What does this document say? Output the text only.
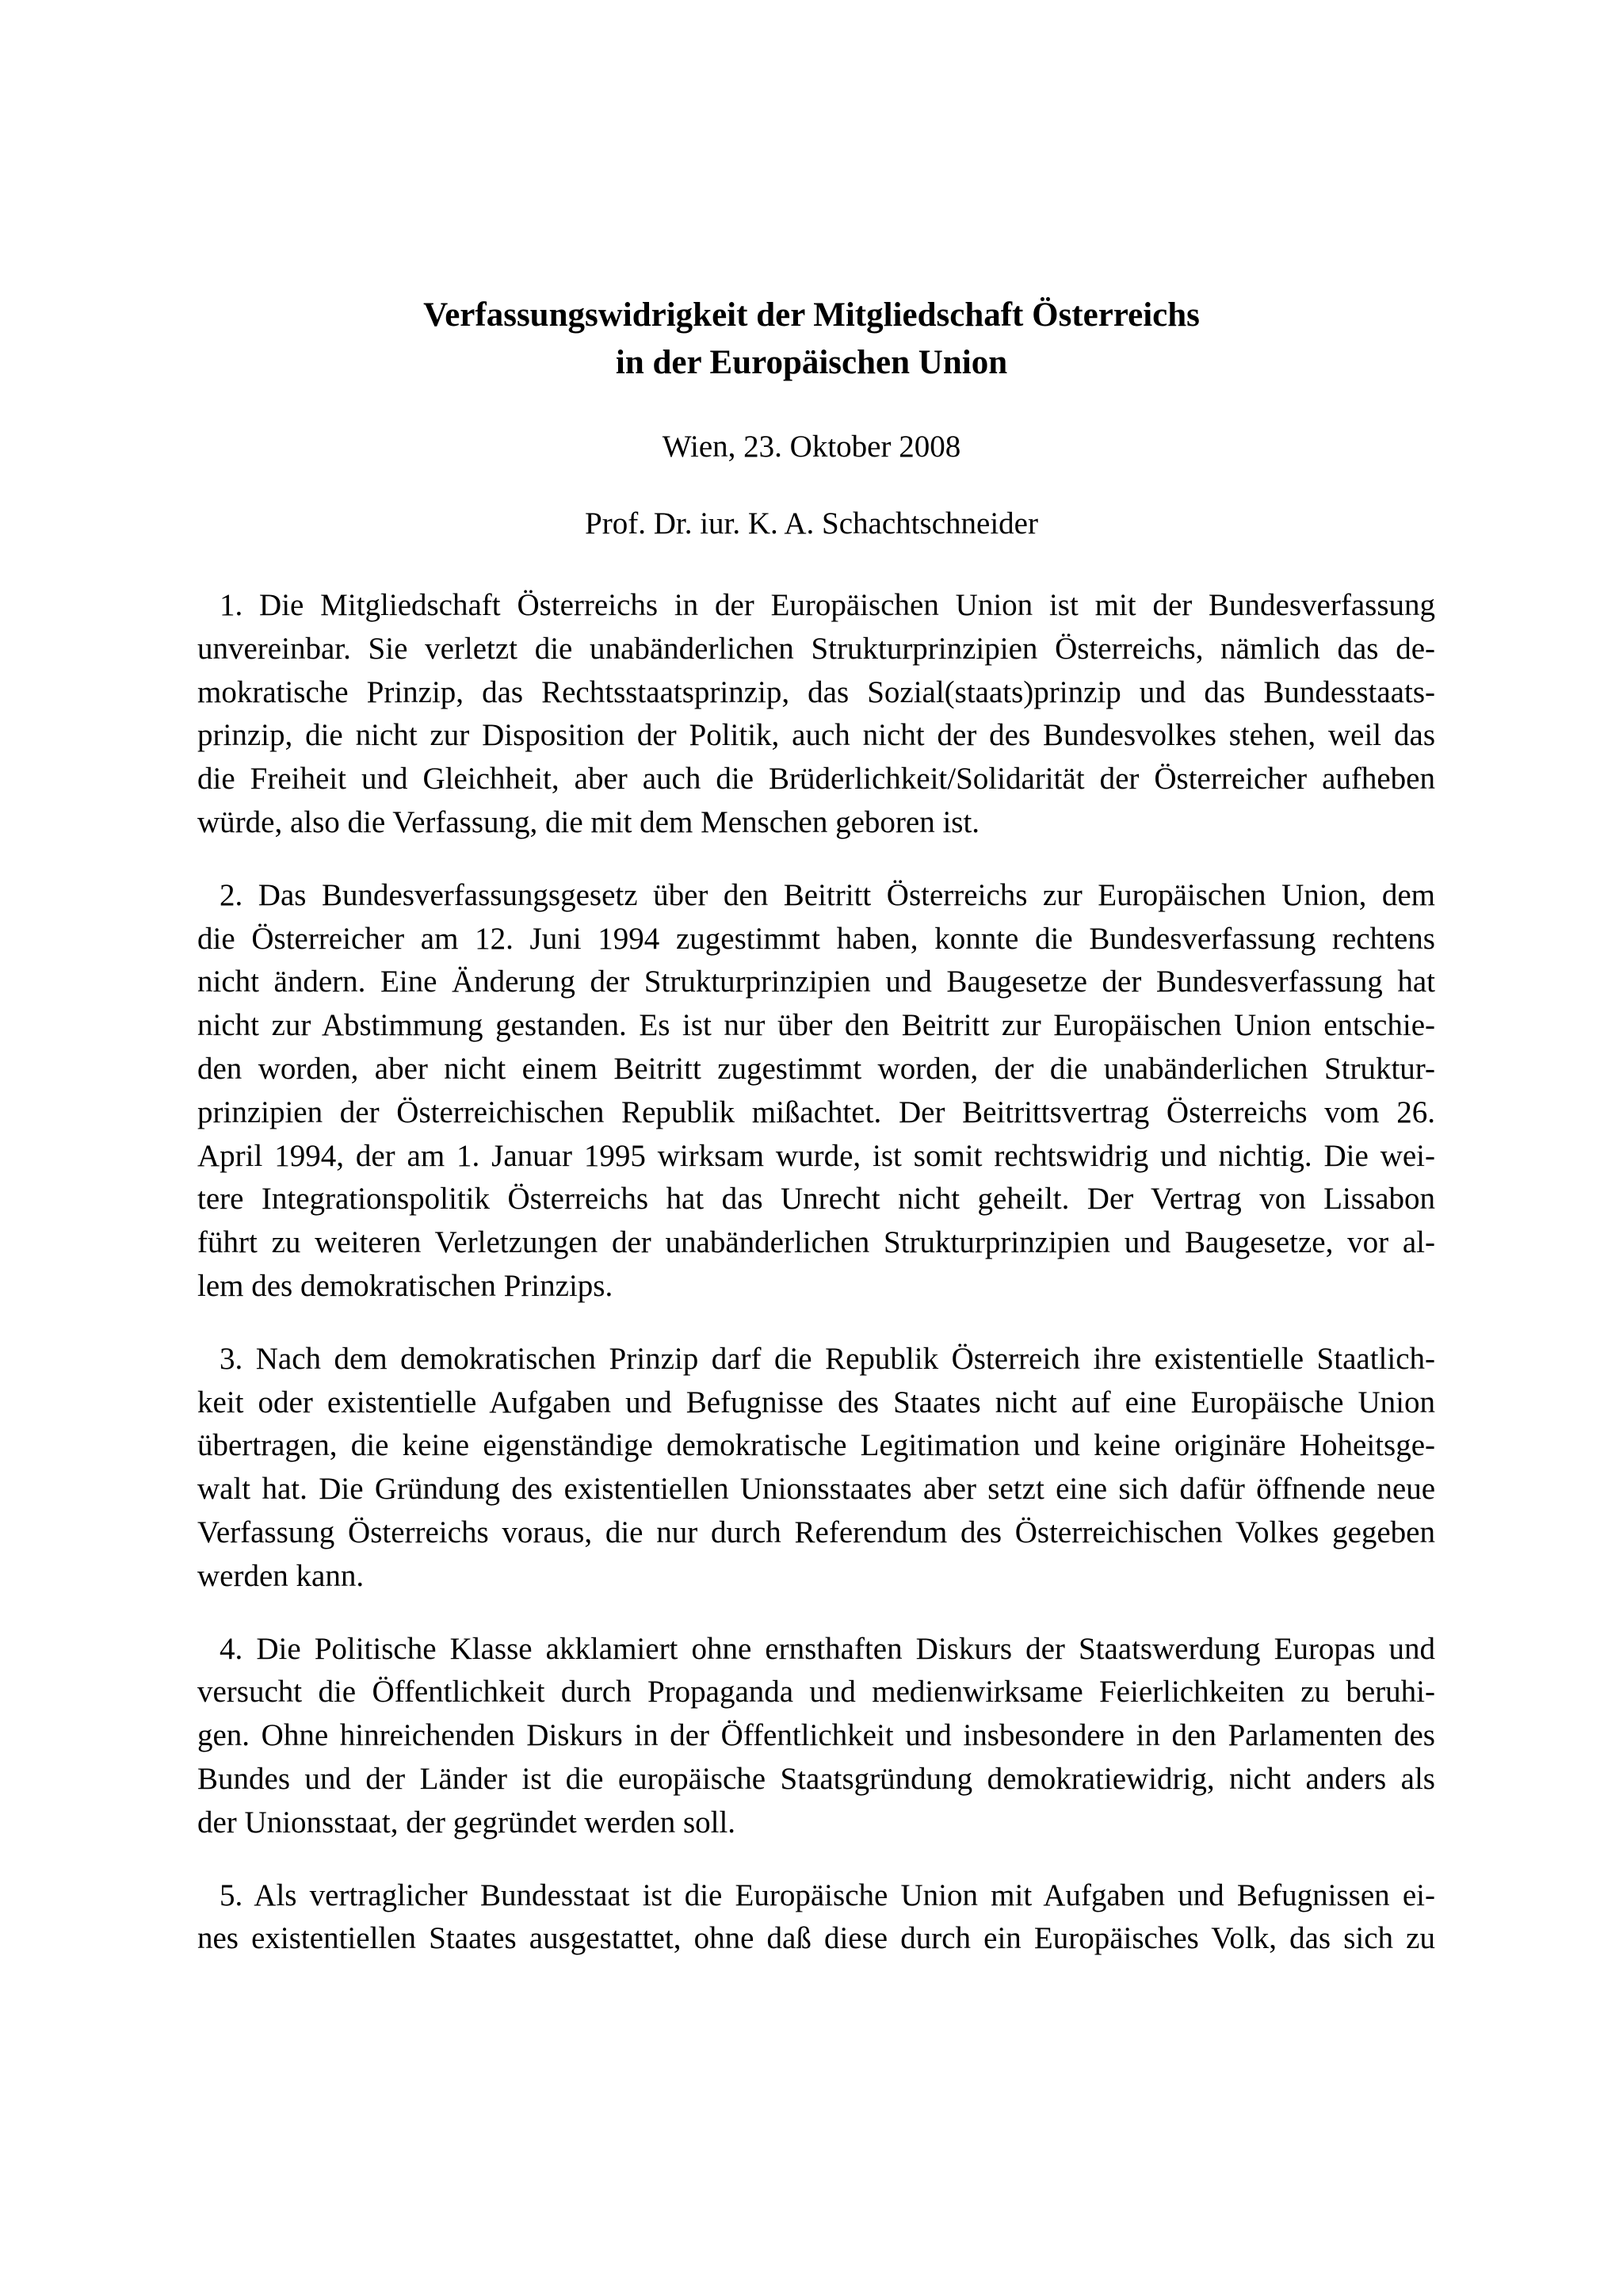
Verfassungswidrigkeit der Mitgliedschaft Österreichs
in der Europäischen Union
Wien, 23. Oktober 2008
Prof. Dr. iur. K. A. Schachtschneider

1. Die Mitgliedschaft Österreichs in der Europäischen Union ist mit der Bundesverfassung
unvereinbar. Sie verletzt die unabänderlichen Strukturprinzipien Österreichs, nämlich das de-
mokratische Prinzip, das Rechtsstaatsprinzip, das Sozial(staats)prinzip und das Bundesstaats-
prinzip, die nicht zur Disposition der Politik, auch nicht der des Bundesvolkes stehen, weil das
die Freiheit und Gleichheit, aber auch die Brüderlichkeit/Solidarität der Österreicher aufheben
würde, also die Verfassung, die mit dem Menschen geboren ist.

2. Das Bundesverfassungsgesetz über den Beitritt Österreichs zur Europäischen Union, dem
die Österreicher am 12. Juni 1994 zugestimmt haben, konnte die Bundesverfassung rechtens
nicht ändern. Eine Änderung der Strukturprinzipien und Baugesetze der Bundesverfassung hat
nicht zur Abstimmung gestanden. Es ist nur über den Beitritt zur Europäischen Union entschie-
den worden, aber nicht einem Beitritt zugestimmt worden, der die unabänderlichen Struktur-
prinzipien der Österreichischen Republik mißachtet. Der Beitrittsvertrag Österreichs vom 26.
April 1994, der am 1. Januar 1995 wirksam wurde, ist somit rechtswidrig und nichtig. Die wei-
tere Integrationspolitik Österreichs hat das Unrecht nicht geheilt. Der Vertrag von Lissabon
führt zu weiteren Verletzungen der unabänderlichen Strukturprinzipien und Baugesetze, vor al-
lem des demokratischen Prinzips.

3. Nach dem demokratischen Prinzip darf die Republik Österreich ihre existentielle Staatlich-
keit oder existentielle Aufgaben und Befugnisse des Staates nicht auf eine Europäische Union
übertragen, die keine eigenständige demokratische Legitimation und keine originäre Hoheitsge-
walt hat. Die Gründung des existentiellen Unionsstaates aber setzt eine sich dafür öffnende neue
Verfassung Österreichs voraus, die nur durch Referendum des Österreichischen Volkes gegeben
werden kann.

4. Die Politische Klasse akklamiert ohne ernsthaften Diskurs der Staatswerdung Europas und
versucht die Öffentlichkeit durch Propaganda und medienwirksame Feierlichkeiten zu beruhi-
gen. Ohne hinreichenden Diskurs in der Öffentlichkeit und insbesondere in den Parlamenten des
Bundes und der Länder ist die europäische Staatsgründung demokratiewidrig, nicht anders als
der Unionsstaat, der gegründet werden soll.

5. Als vertraglicher Bundesstaat ist die Europäische Union mit Aufgaben und Befugnissen ei-
nes existentiellen Staates ausgestattet, ohne daß diese durch ein Europäisches Volk, das sich zu
